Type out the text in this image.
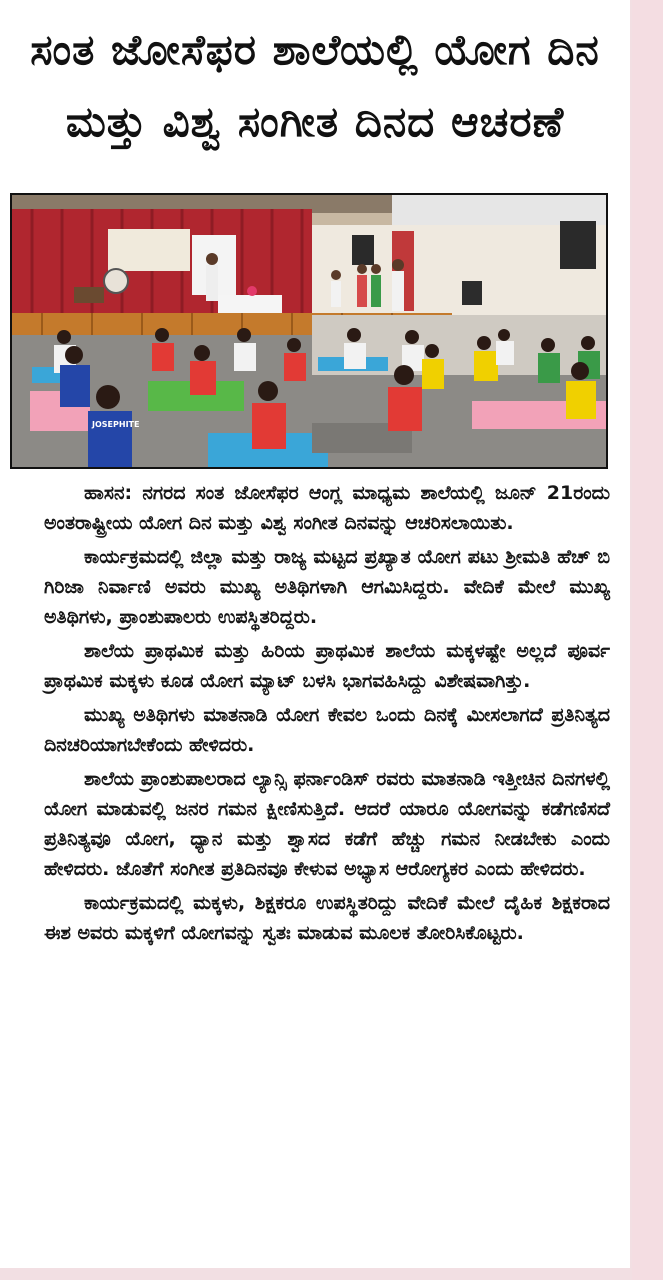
ಸಂತ ಜೋಸೆಫರ ಶಾಲೆಯಲ್ಲಿ ಯೋಗ ದಿನ
ಮತ್ತು ವಿಶ್ವ ಸಂಗೀತ ದಿನದ ಆಚರಣೆ
JOSEPHITE

ಹಾಸನ: ನಗರದ ಸಂತ ಜೋಸೆಫರ ಆಂಗ್ಲ ಮಾಧ್ಯಮ ಶಾಲೆಯಲ್ಲಿ ಜೂನ್ 21ರಂದು ಅಂತರಾಷ್ಟ್ರೀಯ ಯೋಗ ದಿನ ಮತ್ತು ವಿಶ್ವ ಸಂಗೀತ ದಿನವನ್ನು ಆಚರಿಸಲಾಯಿತು.

ಕಾರ್ಯಕ್ರಮದಲ್ಲಿ ಜಿಲ್ಲಾ ಮತ್ತು ರಾಜ್ಯ ಮಟ್ಟದ ಪ್ರಖ್ಯಾತ ಯೋಗ ಪಟು ಶ್ರೀಮತಿ ಹೆಚ್ ಬಿ ಗಿರಿಜಾ ನಿರ್ವಾಣಿ ಅವರು ಮುಖ್ಯ ಅತಿಥಿಗಳಾಗಿ ಆಗಮಿಸಿದ್ದರು. ವೇದಿಕೆ ಮೇಲೆ ಮುಖ್ಯ ಅತಿಥಿಗಳು, ಪ್ರಾಂಶುಪಾಲರು ಉಪಸ್ಥಿತರಿದ್ದರು.

ಶಾಲೆಯ ಪ್ರಾಥಮಿಕ ಮತ್ತು ಹಿರಿಯ ಪ್ರಾಥಮಿಕ ಶಾಲೆಯ ಮಕ್ಕಳಷ್ಟೇ ಅಲ್ಲದೆ ಪೂರ್ವ ಪ್ರಾಥಮಿಕ ಮಕ್ಕಳು ಕೂಡ ಯೋಗ ಮ್ಯಾಟ್ ಬಳಸಿ ಭಾಗವಹಿಸಿದ್ದು ವಿಶೇಷವಾಗಿತ್ತು.

ಮುಖ್ಯ ಅತಿಥಿಗಳು ಮಾತನಾಡಿ ಯೋಗ ಕೇವಲ ಒಂದು ದಿನಕ್ಕೆ ಮೀಸಲಾಗದೆ ಪ್ರತಿನಿತ್ಯದ ದಿನಚರಿಯಾಗಬೇಕೆಂದು ಹೇಳಿದರು.

ಶಾಲೆಯ ಪ್ರಾಂಶುಪಾಲರಾದ ಲ್ಯಾನ್ಸಿ ಫರ್ನಾಂಡಿಸ್ ರವರು ಮಾತನಾಡಿ ಇತ್ತೀಚಿನ ದಿನಗಳಲ್ಲಿ ಯೋಗ ಮಾಡುವಲ್ಲಿ ಜನರ ಗಮನ ಕ್ಷೀಣಿಸುತ್ತಿದೆ. ಆದರೆ ಯಾರೂ ಯೋಗವನ್ನು ಕಡೆಗಣಿಸದೆ ಪ್ರತಿನಿತ್ಯವೂ ಯೋಗ, ಧ್ಯಾನ ಮತ್ತು ಶ್ವಾಸದ ಕಡೆಗೆ ಹೆಚ್ಚು ಗಮನ ನೀಡಬೇಕು ಎಂದು ಹೇಳಿದರು. ಜೊತೆಗೆ ಸಂಗೀತ ಪ್ರತಿದಿನವೂ ಕೇಳುವ ಅಭ್ಯಾಸ ಆರೋಗ್ಯಕರ ಎಂದು ಹೇಳಿದರು.

ಕಾರ್ಯಕ್ರಮದಲ್ಲಿ ಮಕ್ಕಳು, ಶಿಕ್ಷಕರೂ ಉಪಸ್ಥಿತರಿದ್ದು ವೇದಿಕೆ ಮೇಲೆ ದೈಹಿಕ ಶಿಕ್ಷಕರಾದ ಈಶ ಅವರು ಮಕ್ಕಳಿಗೆ ಯೋಗವನ್ನು ಸ್ವತಃ ಮಾಡುವ ಮೂಲಕ ತೋರಿಸಿಕೊಟ್ಟರು.
